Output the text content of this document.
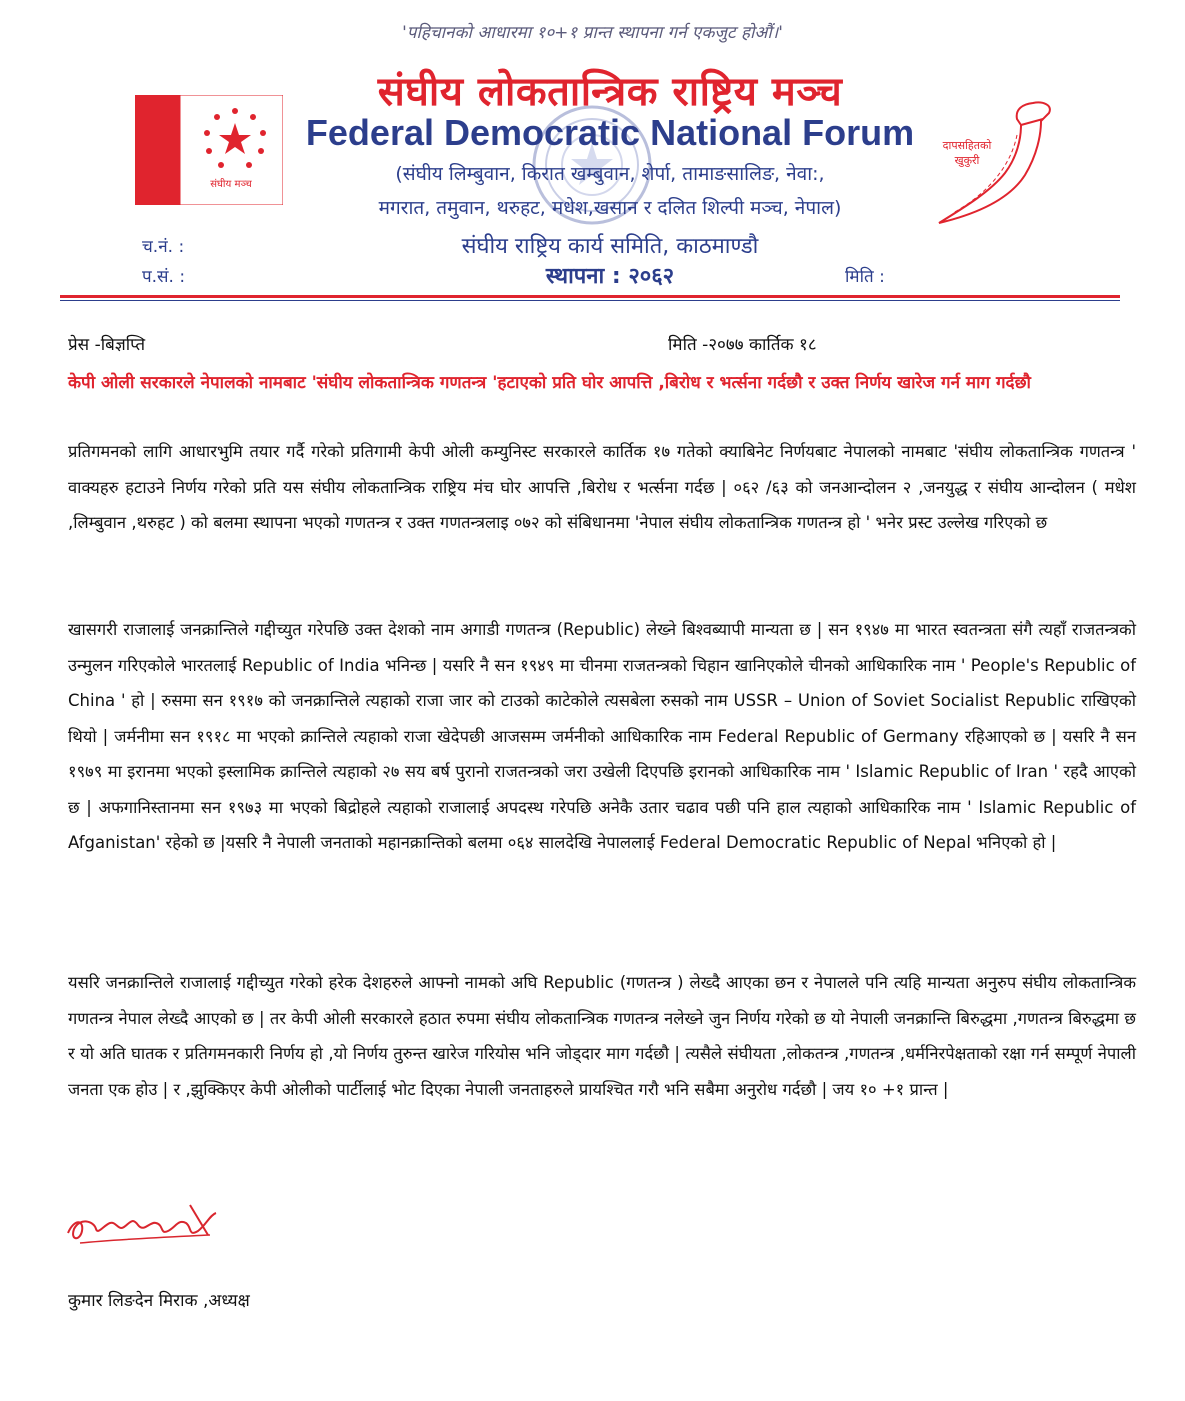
'पहिचानको आधारमा १०+१ प्रान्त स्थापना गर्न एकजुट होऔं।'
संघीय मञ्च
संघीय लोकतान्त्रिक राष्ट्रिय मञ्च
Federal Democratic National Forum
(संघीय लिम्बुवान, किरात खम्बुवान, शेर्पा, तामाङसालिङ, नेवा:,
मगरात, तमुवान, थरुहट, मधेश,खसान र दलित शिल्पी मञ्च, नेपाल)
संघीय राष्ट्रिय कार्य समिति, काठमाण्डौ
स्थापना : २०६२
च.नं. :
प.सं. :	मिति :
दापसहितको खुकुरी
प्रेस -बिज्ञप्ति	मिति -२०७७ कार्तिक १८
केपी ओली सरकारले नेपालको नामबाट 'संघीय लोकतान्त्रिक गणतन्त्र 'हटाएको प्रति घोर आपत्ति ,बिरोध र भर्त्सना गर्दछौ र उक्त निर्णय खारेज गर्न माग गर्दछौ
प्रतिगमनको लागि आधारभुमि तयार गर्दै गरेको प्रतिगामी केपी ओली कम्युनिस्ट सरकारले कार्तिक १७ गतेको क्याबिनेट निर्णयबाट नेपालको नामबाट 'संघीय लोकतान्त्रिक गणतन्त्र ' वाक्यहरु हटाउने निर्णय गरेको प्रति यस संघीय लोकतान्त्रिक राष्ट्रिय मंच घोर आपत्ति ,बिरोध र भर्त्सना गर्दछ | ०६२ /६३ को जनआन्दोलन २ ,जनयुद्ध र संघीय आन्दोलन ( मधेश ,लिम्बुवान ,थरुहट ) को बलमा स्थापना भएको गणतन्त्र र उक्त गणतन्त्रलाइ ०७२ को संबिधानमा 'नेपाल संघीय लोकतान्त्रिक गणतन्त्र हो ' भनेर प्रस्ट उल्लेख गरिएको छ
खासगरी राजालाई जनक्रान्तिले गद्दीच्युत गरेपछि उक्त देशको नाम अगाडी गणतन्त्र (Republic) लेख्ने बिश्वब्यापी मान्यता छ | सन १९४७ मा भारत स्वतन्त्रता संगै त्यहाँ राजतन्त्रको उन्मुलन गरिएकोले भारतलाई Republic of India भनिन्छ | यसरि नै सन १९४९ मा चीनमा राजतन्त्रको चिहान खानिएकोले चीनको आधिकारिक नाम ' People's Republic of China ' हो | रुसमा सन १९१७ को जनक्रान्तिले त्यहाको राजा जार को टाउको काटेकोले त्यसबेला रुसको नाम USSR – Union of Soviet Socialist Republic राखिएको थियो | जर्मनीमा सन १९१८ मा भएको क्रान्तिले त्यहाको राजा खेदेपछी आजसम्म जर्मनीको आधिकारिक नाम Federal Republic of Germany रहिआएको छ | यसरि नै सन १९७९ मा इरानमा भएको इस्लामिक क्रान्तिले त्यहाको २७ सय बर्ष पुरानो राजतन्त्रको जरा उखेली दिएपछि इरानको आधिकारिक नाम ' Islamic Republic of Iran ' रहदै आएको छ | अफगानिस्तानमा सन १९७३ मा भएको बिद्रोहले त्यहाको राजालाई अपदस्थ गरेपछि अनेकै उतार चढाव पछी पनि हाल त्यहाको आधिकारिक नाम ' Islamic Republic of Afganistan' रहेको छ |यसरि नै नेपाली जनताको महानक्रान्तिको बलमा ०६४ सालदेखि नेपाललाई Federal Democratic Republic of Nepal भनिएको हो |
यसरि जनक्रान्तिले राजालाई गद्दीच्युत गरेको हरेक देशहरुले आफ्नो नामको अघि Republic (गणतन्त्र ) लेख्दै आएका छन र नेपालले पनि त्यहि मान्यता अनुरुप संघीय लोकतान्त्रिक गणतन्त्र नेपाल लेख्दै आएको छ | तर केपी ओली सरकारले हठात रुपमा संघीय लोकतान्त्रिक गणतन्त्र नलेख्ने जुन निर्णय गरेको छ यो नेपाली जनक्रान्ति बिरुद्धमा ,गणतन्त्र बिरुद्धमा छ र यो अति घातक र प्रतिगमनकारी निर्णय हो ,यो निर्णय तुरुन्त खारेज गरियोस भनि जोड्दार माग गर्दछौ | त्यसैले संघीयता ,लोकतन्त्र ,गणतन्त्र ,धर्मनिरपेक्षताको रक्षा गर्न सम्पूर्ण नेपाली जनता एक होउ | र ,झुक्किएर केपी ओलीको पार्टीलाई भोट दिएका नेपाली जनताहरुले प्रायश्चित गरौ भनि सबैमा अनुरोध गर्दछौ | जय १० +१ प्रान्त |
कुमार लिङदेन मिराक ,अध्यक्ष
